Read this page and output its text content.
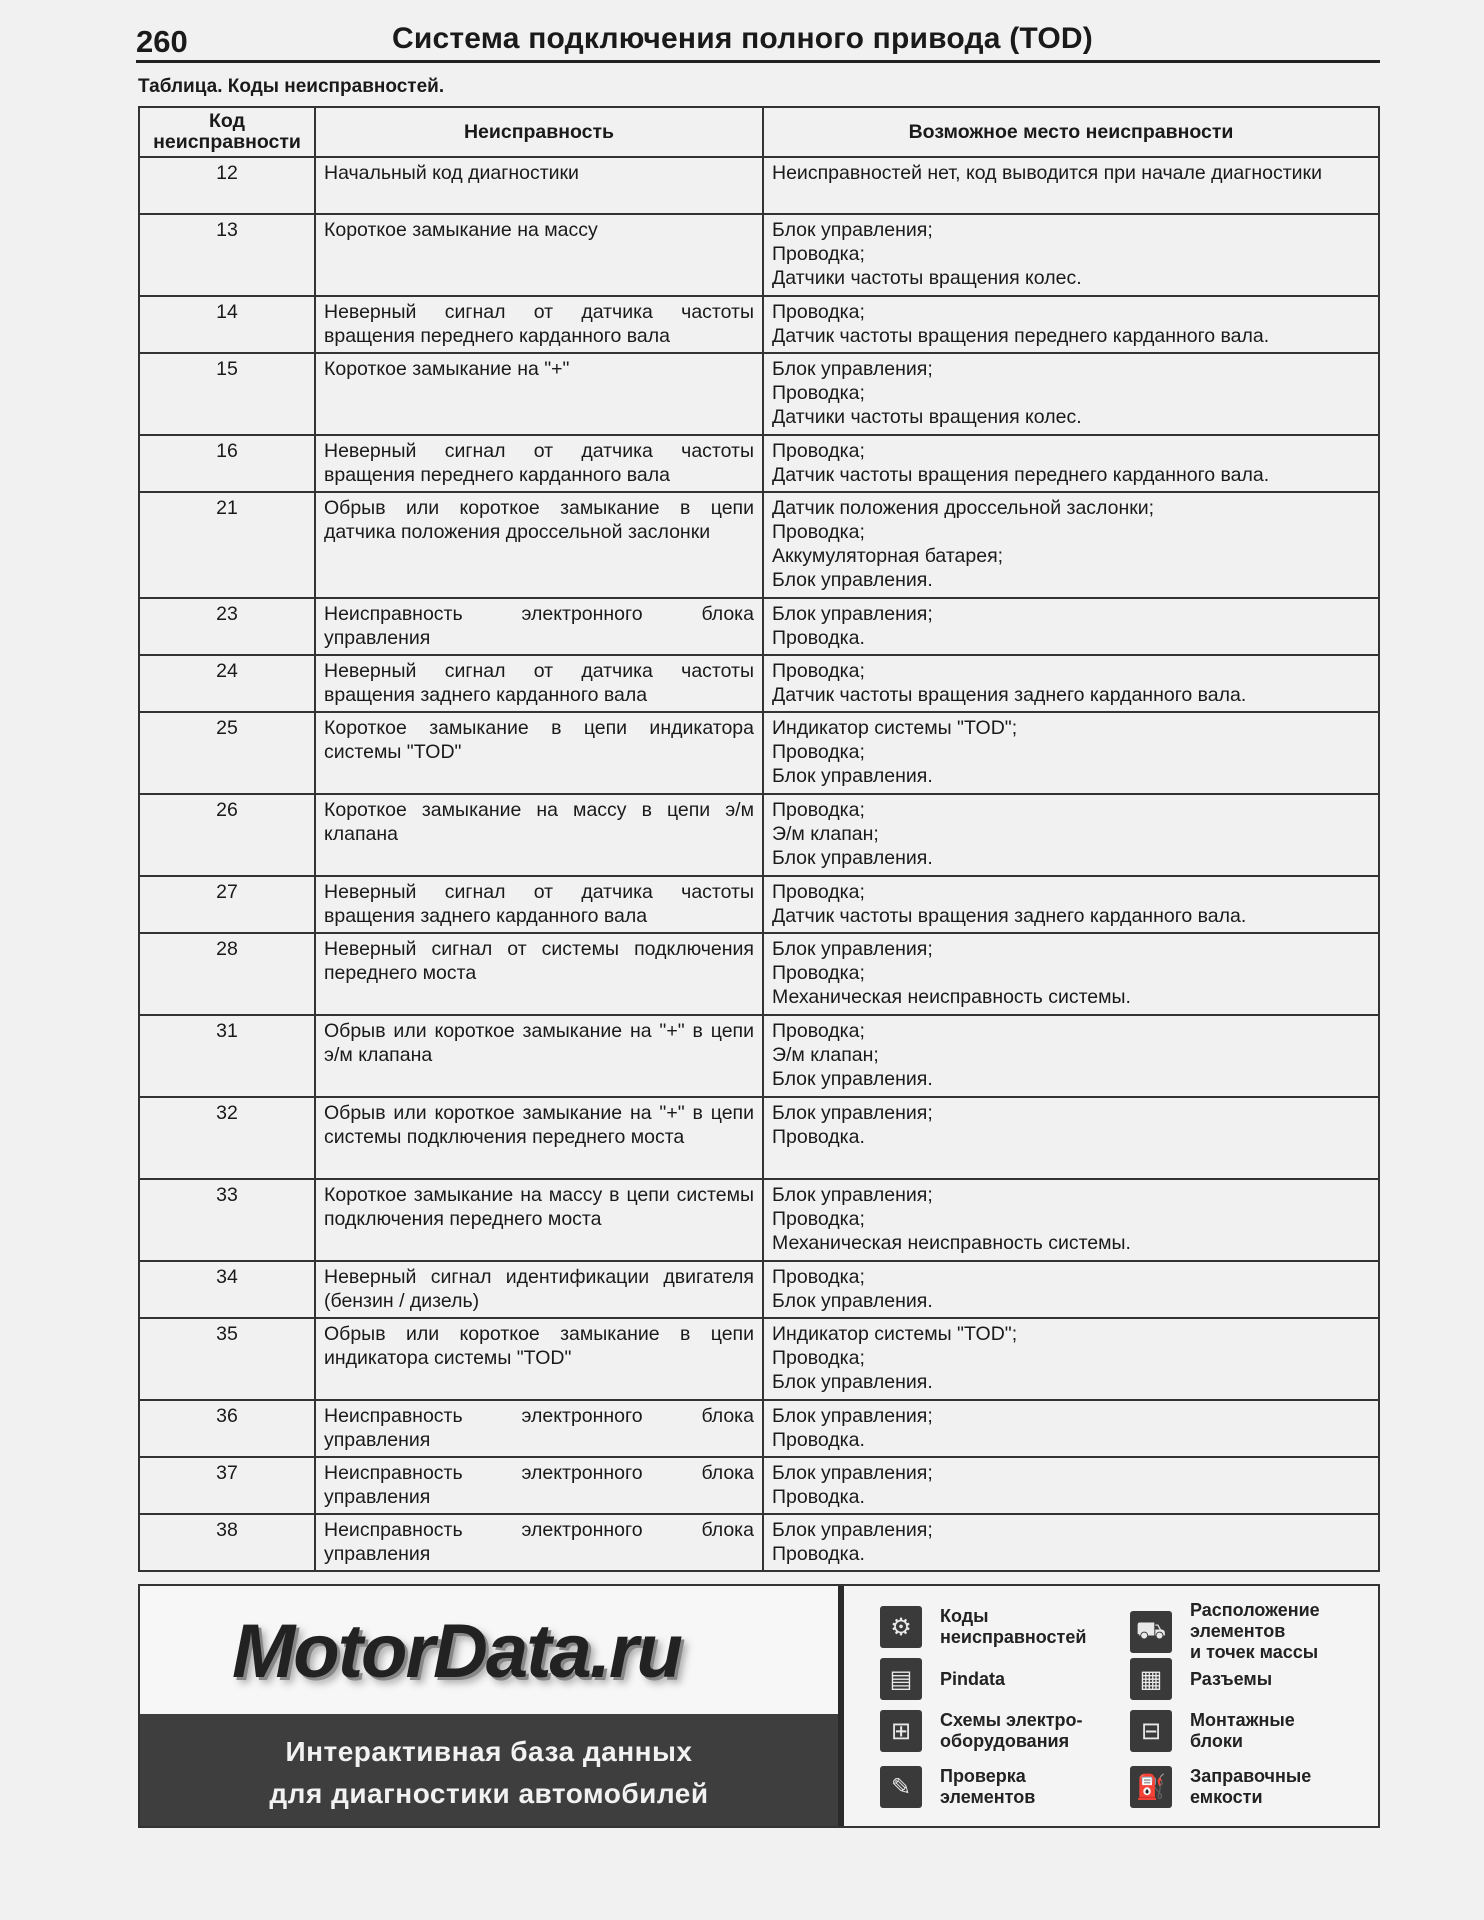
260	Система подключения полного привода (TOD)
Таблица. Коды неисправностей.
Код неисправности	Неисправность	Возможное место неисправности
12	Начальный код диагностики	Неисправностей нет, код выводится при начале диагностики
13	Короткое замыкание на массу	Блок управления;
Проводка;
Датчики частоты вращения колес.
14	Неверный сигнал от датчика частоты вращения переднего карданного вала	Проводка;
Датчик частоты вращения переднего карданного вала.
15	Короткое замыкание на "+"	Блок управления;
Проводка;
Датчики частоты вращения колес.
16	Неверный сигнал от датчика частоты вращения переднего карданного вала	Проводка;
Датчик частоты вращения переднего карданного вала.
21	Обрыв или короткое замыкание в цепи датчика положения дроссельной заслонки	Датчик положения дроссельной заслонки;
Проводка;
Аккумуляторная батарея;
Блок управления.
23	Неисправность электронного блока управления	Блок управления;
Проводка.
24	Неверный сигнал от датчика частоты вращения заднего карданного вала	Проводка;
Датчик частоты вращения заднего карданного вала.
25	Короткое замыкание в цепи индикатора системы "TOD"	Индикатор системы "TOD";
Проводка;
Блок управления.
26	Короткое замыкание на массу в цепи э/м клапана	Проводка;
Э/м клапан;
Блок управления.
27	Неверный сигнал от датчика частоты вращения заднего карданного вала	Проводка;
Датчик частоты вращения заднего карданного вала.
28	Неверный сигнал от системы подключения переднего моста	Блок управления;
Проводка;
Механическая неисправность системы.
31	Обрыв или короткое замыкание на "+" в цепи э/м клапана	Проводка;
Э/м клапан;
Блок управления.
32	Обрыв или короткое замыкание на "+" в цепи системы подключения переднего моста	Блок управления;
Проводка.
33	Короткое замыкание на массу в цепи системы подключения переднего моста	Блок управления;
Проводка;
Механическая неисправность системы.
34	Неверный сигнал идентификации двигателя (бензин / дизель)	Проводка;
Блок управления.
35	Обрыв или короткое замыкание в цепи индикатора системы "TOD"	Индикатор системы "TOD";
Проводка;
Блок управления.
36	Неисправность электронного блока управления	Блок управления;
Проводка.
37	Неисправность электронного блока управления	Блок управления;
Проводка.
38	Неисправность электронного блока управления	Блок управления;
Проводка.
MotorData.ru
Интерактивная база данных
для диагностики автомобилей
⚙	Коды
неисправностей
▤	Pindata
⊞	Схемы электро-
оборудования
✎	Проверка
элементов
⛟
Расположение
элементов
и точек массы
▦	Разъемы
⊟	Монтажные
блоки
⛽	Заправочные
емкости
